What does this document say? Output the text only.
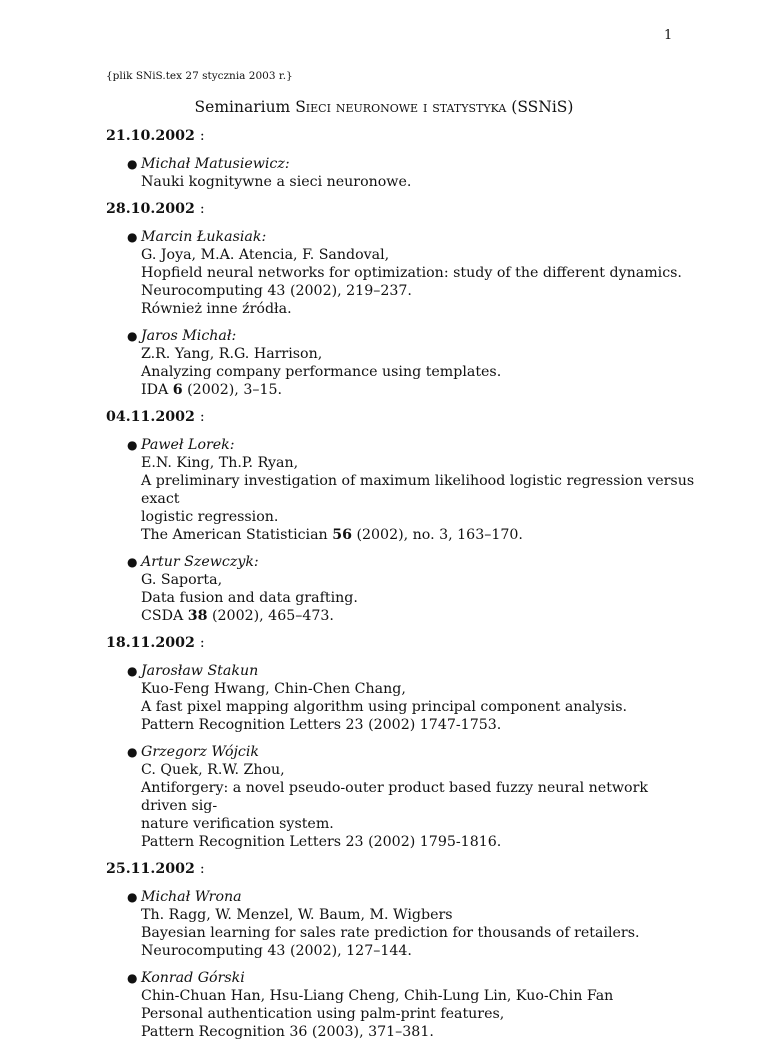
1
{plik SNiS.tex 27 stycznia 2003 r.}
Seminarium Sieci neuronowe i statystyka (SSNiS)
21.10.2002 :
● Michał Matusiewicz:
Nauki kognitywne a sieci neuronowe.
28.10.2002 :
● Marcin Łukasiak:
G. Joya, M.A. Atencia, F. Sandoval,
Hopfield neural networks for optimization: study of the different dynamics.
Neurocomputing 43 (2002), 219–237.
Również inne źródła.
● Jaros Michał:
Z.R. Yang, R.G. Harrison,
Analyzing company performance using templates.
IDA 6 (2002), 3–15.
04.11.2002 :
● Paweł Lorek:
E.N. King, Th.P. Ryan,
A preliminary investigation of maximum likelihood logistic regression versus exact
logistic regression.
The American Statistician 56 (2002), no. 3, 163–170.
● Artur Szewczyk:
G. Saporta,
Data fusion and data grafting.
CSDA 38 (2002), 465–473.
18.11.2002 :
● Jarosław Stakun
Kuo-Feng Hwang, Chin-Chen Chang,
A fast pixel mapping algorithm using principal component analysis.
Pattern Recognition Letters 23 (2002) 1747-1753.
● Grzegorz Wójcik
C. Quek, R.W. Zhou,
Antiforgery: a novel pseudo-outer product based fuzzy neural network driven sig-
nature verification system.
Pattern Recognition Letters 23 (2002) 1795-1816.
25.11.2002 :
● Michał Wrona
Th. Ragg, W. Menzel, W. Baum, M. Wigbers
Bayesian learning for sales rate prediction for thousands of retailers.
Neurocomputing 43 (2002), 127–144.
● Konrad Górski
Chin-Chuan Han, Hsu-Liang Cheng, Chih-Lung Lin, Kuo-Chin Fan
Personal authentication using palm-print features,
Pattern Recognition 36 (2003), 371–381.
